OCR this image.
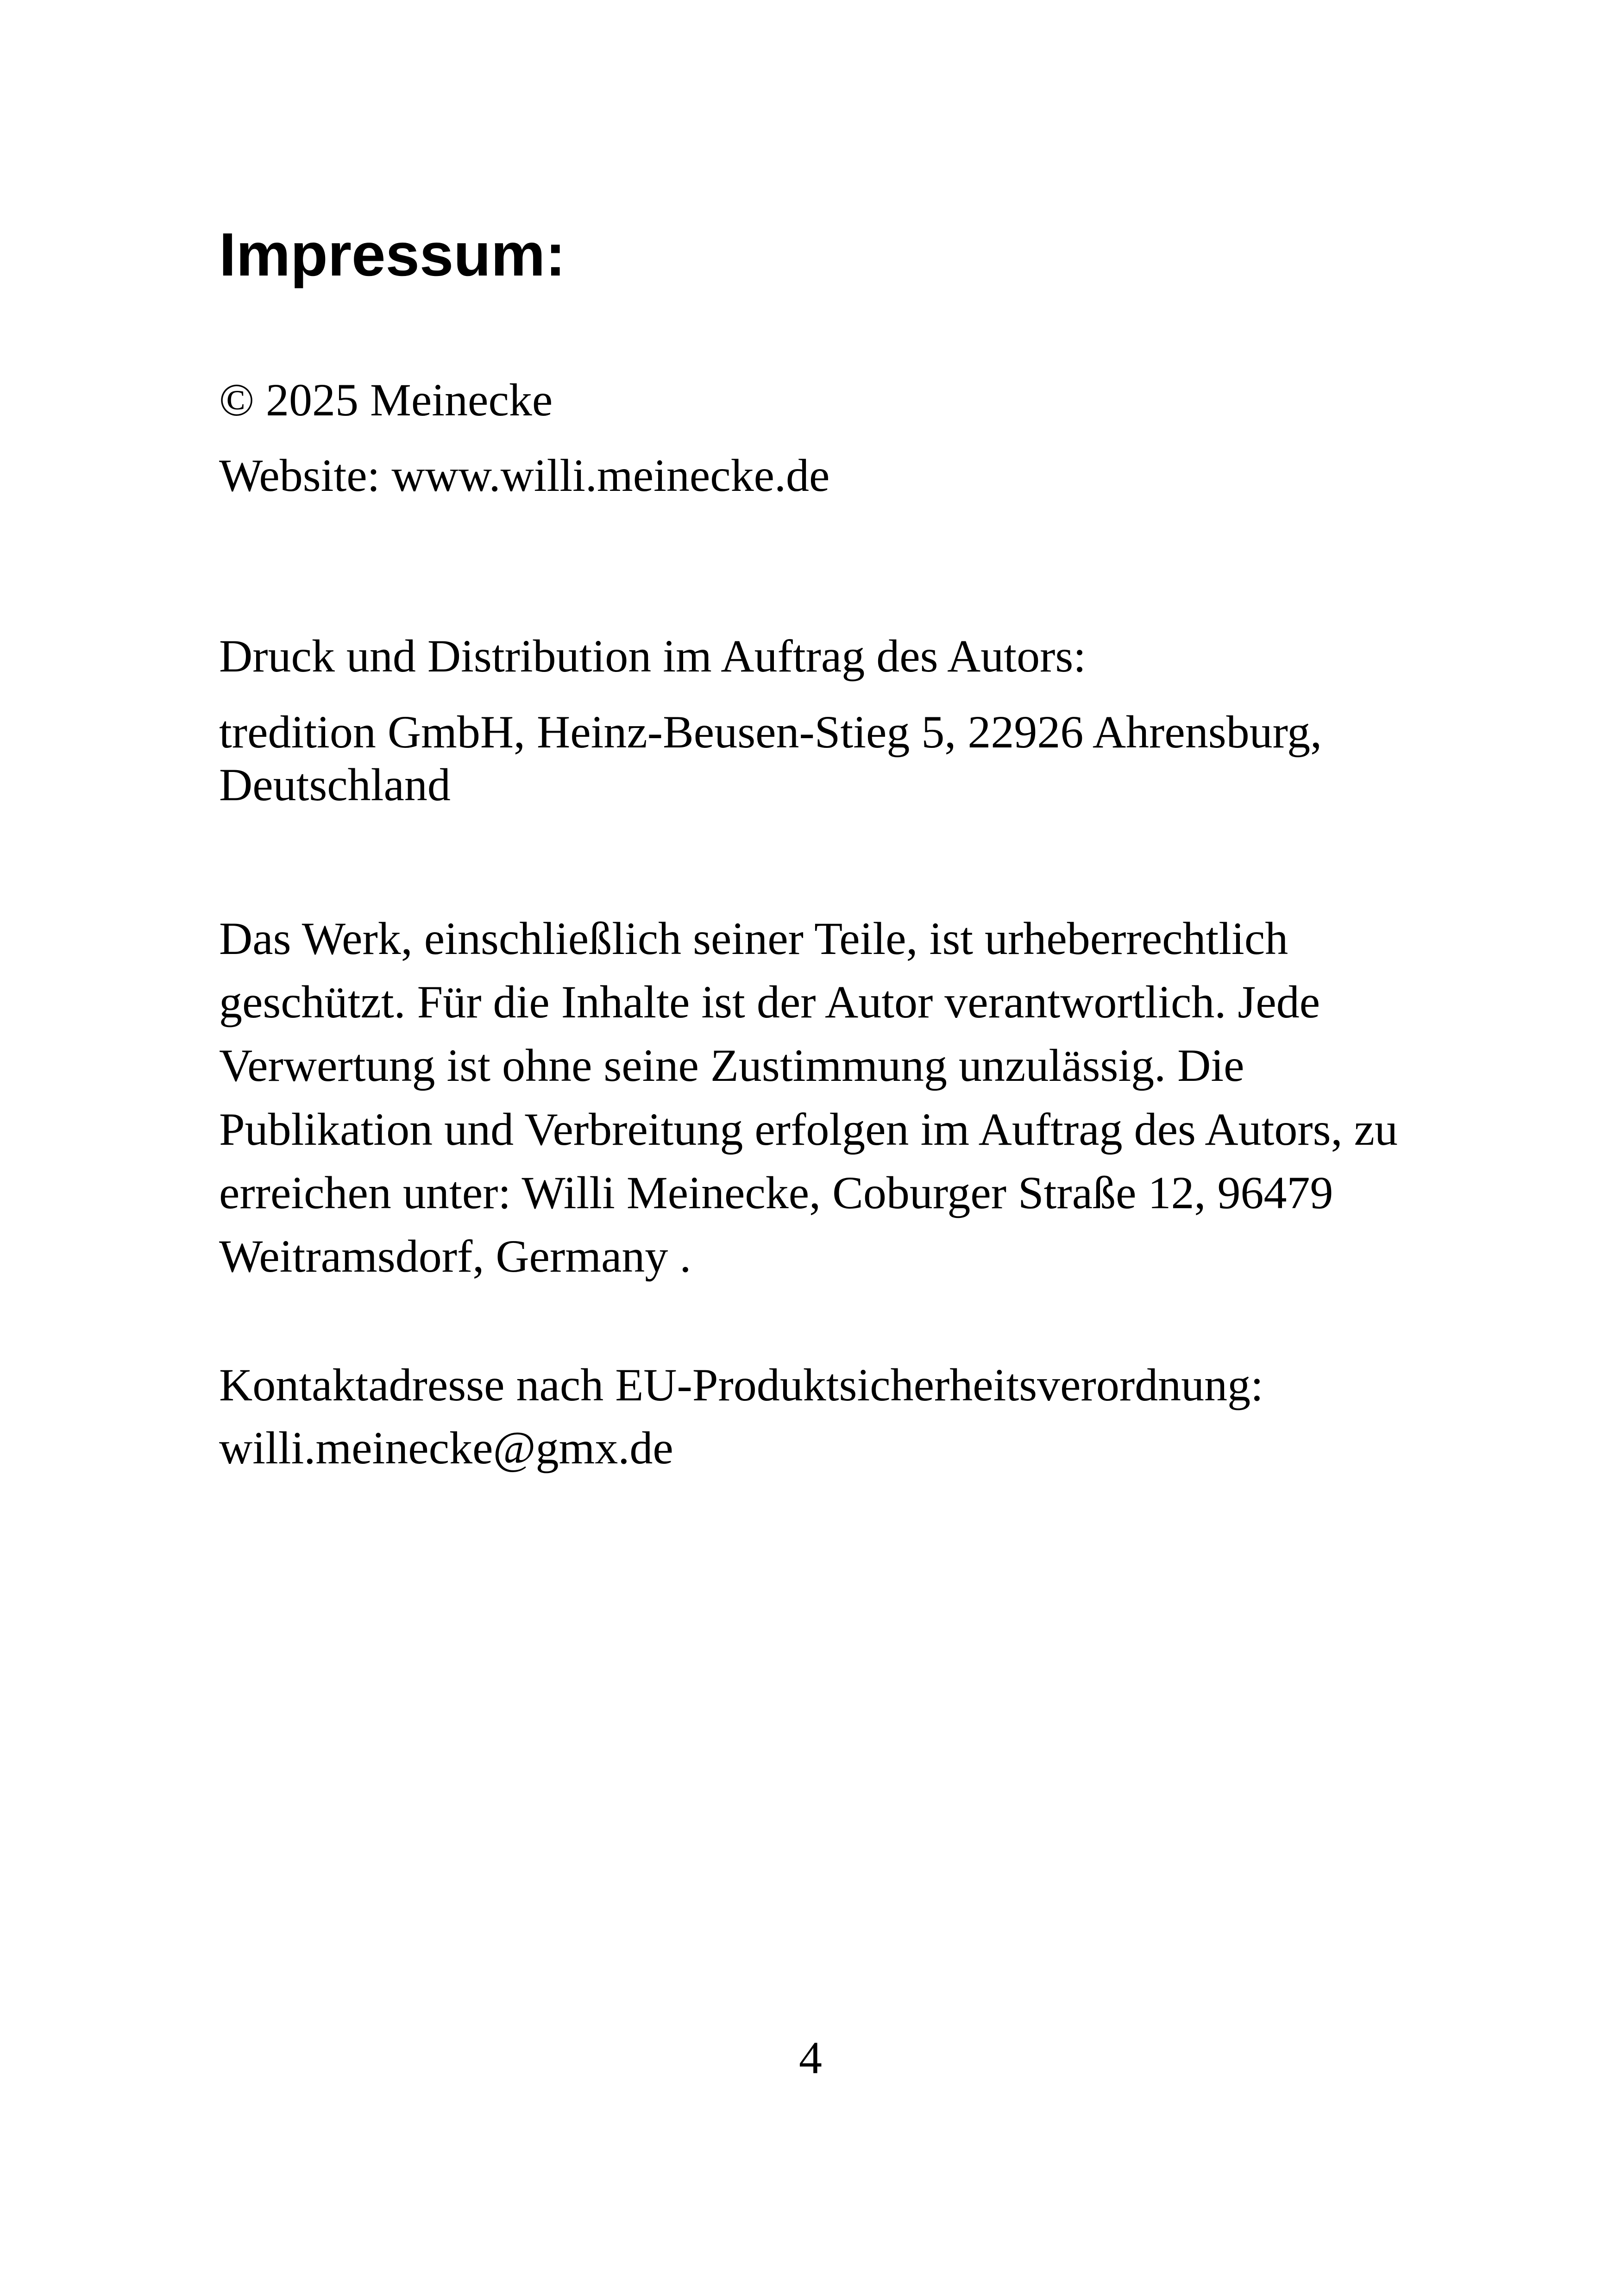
Impressum:
© 2025 Meinecke
Website: www.willi.meinecke.de
Druck und Distribution im Auftrag des Autors:
tredition GmbH, Heinz-Beusen-Stieg 5, 22926 Ahrensburg,
Deutschland
Das Werk, einschließlich seiner Teile, ist urheberrechtlich
geschützt. Für die Inhalte ist der Autor verantwortlich. Jede
Verwertung ist ohne seine Zustimmung unzulässig. Die
Publikation und Verbreitung erfolgen im Auftrag des Autors, zu
erreichen unter: Willi Meinecke, Coburger Straße 12, 96479
Weitramsdorf, Germany .
Kontaktadresse nach EU-Produktsicherheitsverordnung:
willi.meinecke@gmx.de
4
